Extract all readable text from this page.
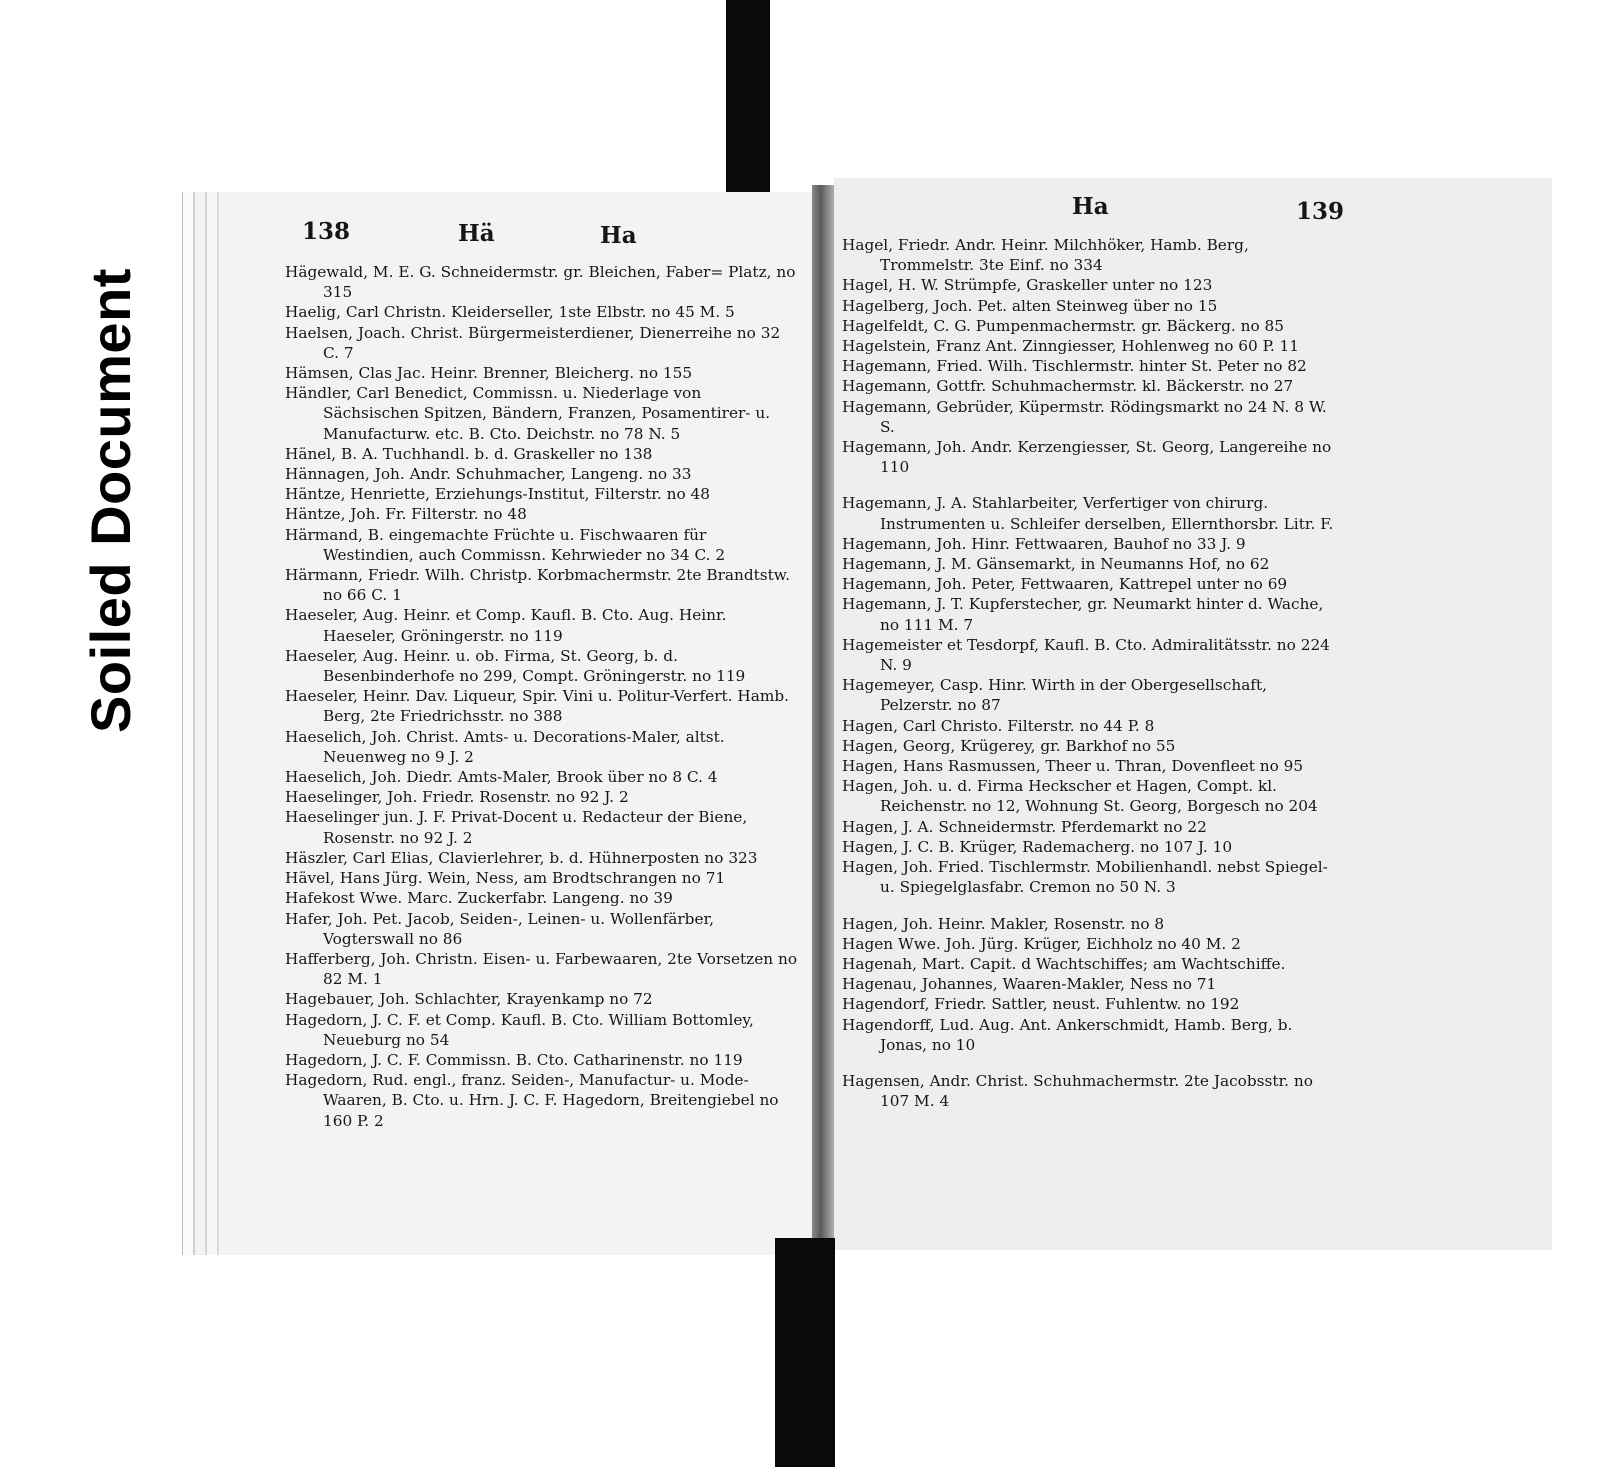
Soiled Document
138	Hä	Ha
Ha	139
Hägewald, M. E. G. Schneidermstr. gr. Bleichen, Faber= Platz, no 315
Haelig, Carl Christn. Kleiderseller, 1ste Elbstr. no 45 M. 5
Haelsen, Joach. Christ. Bürgermeisterdiener, Dienerreihe no 32 C. 7
Hämsen, Clas Jac. Heinr. Brenner, Bleicherg. no 155
Händler, Carl Benedict, Commissn. u. Niederlage von Sächsischen Spitzen, Bändern, Franzen, Posamentirer- u. Manufacturw. etc. B. Cto. Deichstr. no 78 N. 5
Hänel, B. A. Tuchhandl. b. d. Graskeller no 138
Hännagen, Joh. Andr. Schuhmacher, Langeng. no 33
Häntze, Henriette, Erziehungs-Institut, Filterstr. no 48
Häntze, Joh. Fr. Filterstr. no 48
Härmand, B. eingemachte Früchte u. Fischwaaren für Westindien, auch Commissn. Kehrwieder no 34 C. 2
Härmann, Friedr. Wilh. Christp. Korbmachermstr. 2te Brandtstw. no 66 C. 1
Haeseler, Aug. Heinr. et Comp. Kaufl. B. Cto. Aug. Heinr. Haeseler, Gröningerstr. no 119
Haeseler, Aug. Heinr. u. ob. Firma, St. Georg, b. d. Besenbinderhofe no 299, Compt. Gröningerstr. no 119
Haeseler, Heinr. Dav. Liqueur, Spir. Vini u. Politur-Verfert. Hamb. Berg, 2te Friedrichsstr. no 388
Haeselich, Joh. Christ. Amts- u. Decorations-Maler, altst. Neuenweg no 9 J. 2
Haeselich, Joh. Diedr. Amts-Maler, Brook über no 8 C. 4
Haeselinger, Joh. Friedr. Rosenstr. no 92 J. 2
Haeselinger jun. J. F. Privat-Docent u. Redacteur der Biene, Rosenstr. no 92 J. 2
Häszler, Carl Elias, Clavierlehrer, b. d. Hühnerposten no 323
Hävel, Hans Jürg. Wein, Ness, am Brodtschrangen no 71
Hafekost Wwe. Marc. Zuckerfabr. Langeng. no 39
Hafer, Joh. Pet. Jacob, Seiden-, Leinen- u. Wollenfärber, Vogterswall no 86
Hafferberg, Joh. Christn. Eisen- u. Farbewaaren, 2te Vorsetzen no 82 M. 1
Hagebauer, Joh. Schlachter, Krayenkamp no 72
Hagedorn, J. C. F. et Comp. Kaufl. B. Cto. William Bottomley, Neueburg no 54
Hagedorn, J. C. F. Commissn. B. Cto. Catharinenstr. no 119
Hagedorn, Rud. engl., franz. Seiden-, Manufactur- u. Mode-Waaren, B. Cto. u. Hrn. J. C. F. Hagedorn, Breitengiebel no 160 P. 2
Hagel, Friedr. Andr. Heinr. Milchhöker, Hamb. Berg, Trommelstr. 3te Einf. no 334
Hagel, H. W. Strümpfe, Graskeller unter no 123
Hagelberg, Joch. Pet. alten Steinweg über no 15
Hagelfeldt, C. G. Pumpenmachermstr. gr. Bäckerg. no 85
Hagelstein, Franz Ant. Zinngiesser, Hohlenweg no 60 P. 11
Hagemann, Fried. Wilh. Tischlermstr. hinter St. Peter no 82
Hagemann, Gottfr. Schuhmachermstr. kl. Bäckerstr. no 27
Hagemann, Gebrüder, Küpermstr. Rödingsmarkt no 24 N. 8 W. S.
Hagemann, Joh. Andr. Kerzengiesser, St. Georg, Langereihe no 110
Hagemann, J. A. Stahlarbeiter, Verfertiger von chirurg. Instrumenten u. Schleifer derselben, Ellernthorsbr. Litr. F.
Hagemann, Joh. Hinr. Fettwaaren, Bauhof no 33 J. 9
Hagemann, J. M. Gänsemarkt, in Neumanns Hof, no 62
Hagemann, Joh. Peter, Fettwaaren, Kattrepel unter no 69
Hagemann, J. T. Kupferstecher, gr. Neumarkt hinter d. Wache, no 111 M. 7
Hagemeister et Tesdorpf, Kaufl. B. Cto. Admiralitätsstr. no 224 N. 9
Hagemeyer, Casp. Hinr. Wirth in der Obergesellschaft, Pelzerstr. no 87
Hagen, Carl Christo. Filterstr. no 44 P. 8
Hagen, Georg, Krügerey, gr. Barkhof no 55
Hagen, Hans Rasmussen, Theer u. Thran, Dovenfleet no 95
Hagen, Joh. u. d. Firma Heckscher et Hagen, Compt. kl. Reichenstr. no 12, Wohnung St. Georg, Borgesch no 204
Hagen, J. A. Schneidermstr. Pferdemarkt no 22
Hagen, J. C. B. Krüger, Rademacherg. no 107 J. 10
Hagen, Joh. Fried. Tischlermstr. Mobilienhandl. nebst Spiegel- u. Spiegelglasfabr. Cremon no 50 N. 3
Hagen, Joh. Heinr. Makler, Rosenstr. no 8
Hagen Wwe. Joh. Jürg. Krüger, Eichholz no 40 M. 2
Hagenah, Mart. Capit. d Wachtschiffes; am Wachtschiffe.
Hagenau, Johannes, Waaren-Makler, Ness no 71
Hagendorf, Friedr. Sattler, neust. Fuhlentw. no 192
Hagendorff, Lud. Aug. Ant. Ankerschmidt, Hamb. Berg, b. Jonas, no 10
Hagensen, Andr. Christ. Schuhmachermstr. 2te Jacobsstr. no 107 M. 4
